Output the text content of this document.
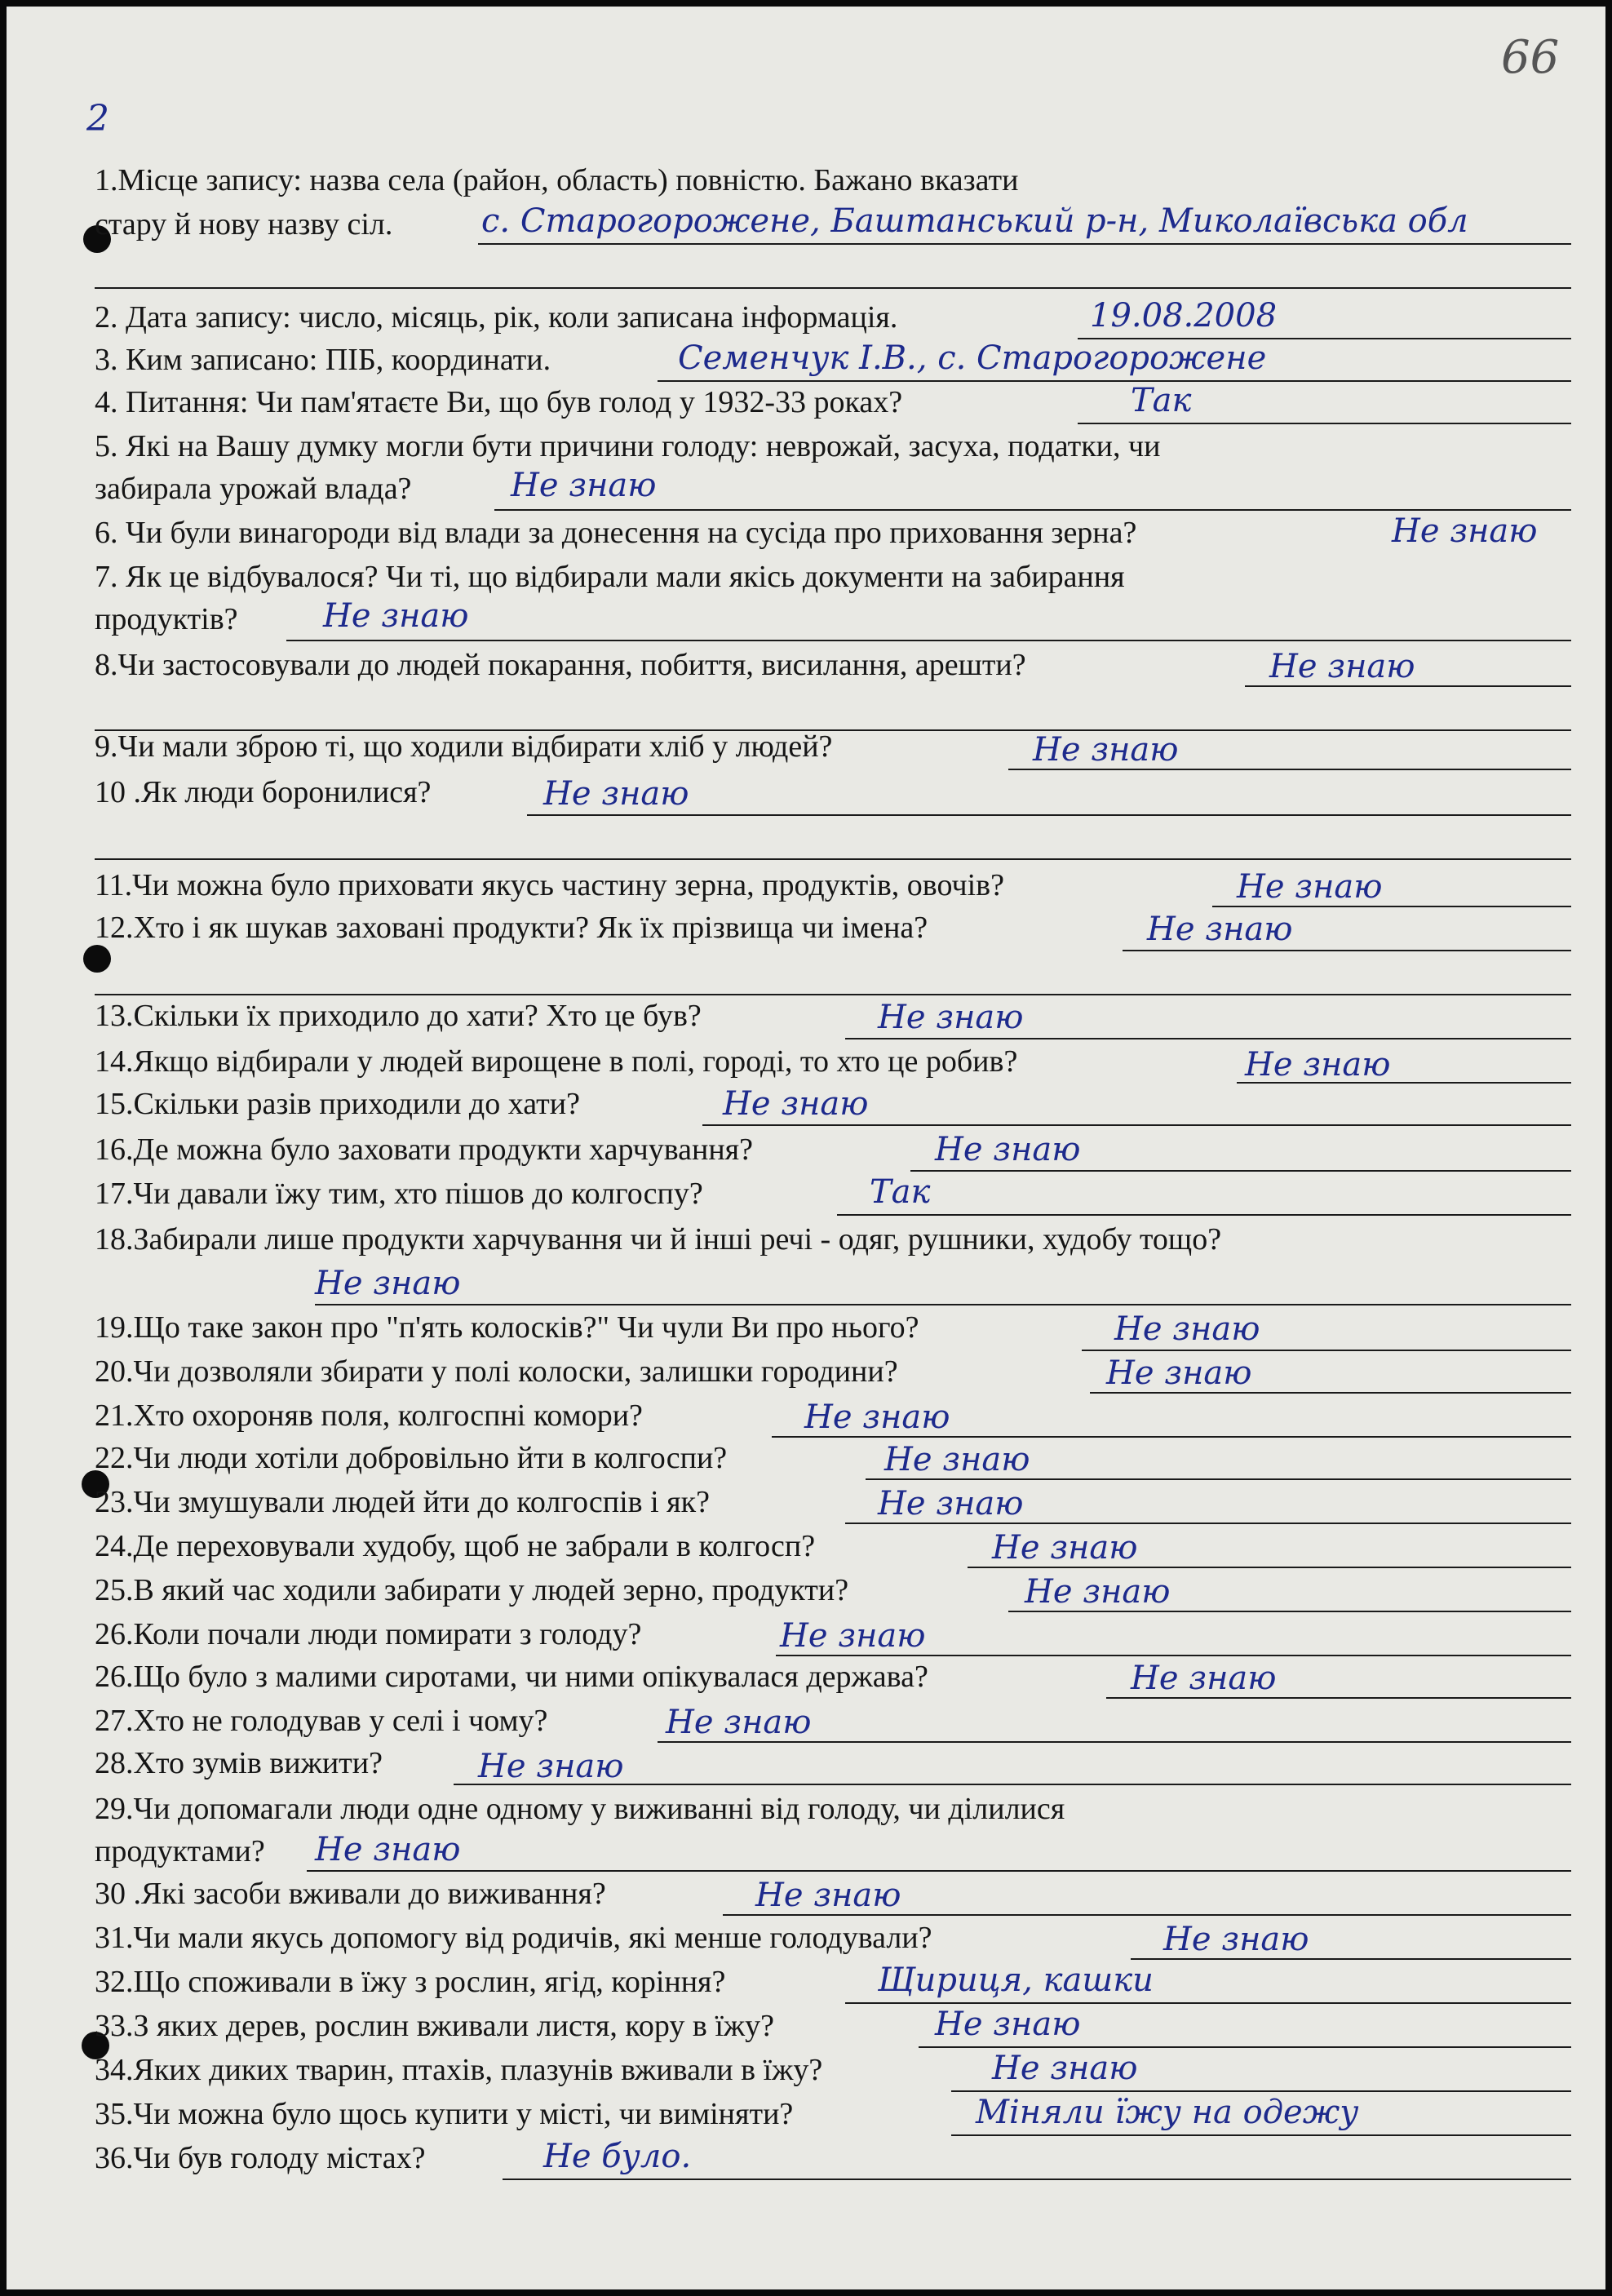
66
2
1.Місце запису: назва села (район, область) повністю. Бажано вказати
стару й нову назву сіл.	с. Старогорожене, Баштанський р-н, Миколаївська обл
2. Дата запису: число, місяць, рік, коли записана інформація.	19.08.2008
3. Ким записано: ПІБ, координати.	Семенчук І.В., с. Старогорожене
4. Питання: Чи пам'ятаєте Ви, що був голод у 1932-33 роках?	Так
5. Які на Вашу думку могли бути причини голоду: неврожай, засуха, податки, чи
забирала урожай влада?	Не знаю
6. Чи були винагороди від влади за донесення на сусіда про приховання зерна?	Не знаю
7. Як це відбувалося? Чи ті, що відбирали мали якісь документи на забирання
продуктів?	Не знаю
8.Чи застосовували до людей покарання, побиття, висилання, арешти?	Не знаю
9.Чи мали зброю ті, що ходили відбирати хліб у людей?	Не знаю
10 .Як люди боронилися?	Не знаю
11.Чи можна було приховати якусь частину зерна, продуктів, овочів?	Не знаю
12.Хто і як шукав заховані продукти? Як їх прізвища чи імена?	Не знаю
13.Скільки їх приходило до хати? Хто це був?	Не знаю
14.Якщо відбирали у людей вирощене в полі, городі, то хто це робив?	Не знаю
15.Скільки разів приходили до хати?	Не знаю
16.Де можна було заховати продукти харчування?	Не знаю
17.Чи давали їжу тим, хто пішов до колгоспу?	Так
18.Забирали лише продукти харчування чи й інші речі - одяг, рушники, худобу тощо?
Не знаю
19.Що таке закон про "п'ять колосків?" Чи чули Ви про нього?	Не знаю
20.Чи дозволяли збирати у полі колоски, залишки городини?	Не знаю
21.Хто охороняв поля, колгоспні комори?	Не знаю
22.Чи люди хотіли добровільно йти в колгоспи?	Не знаю
23.Чи змушували людей йти до колгоспів і як?	Не знаю
24.Де переховували худобу, щоб не забрали в колгосп?	Не знаю
25.В який час ходили забирати у людей зерно, продукти?	Не знаю
26.Коли почали люди помирати з голоду?	Не знаю
26.Що було з малими сиротами, чи ними опікувалася держава?	Не знаю
27.Хто не голодував у селі і чому?	Не знаю
28.Хто зумів вижити?	Не знаю
29.Чи допомагали люди одне одному у виживанні від голоду, чи ділилися
продуктами? Не знаю
30 .Які засоби вживали до виживання?	Не знаю
31.Чи мали якусь допомогу від родичів, які менше голодували?	Не знаю
32.Що споживали в їжу з рослин, ягід, коріння?	Щириця, кашки
33.З яких дерев, рослин вживали листя, кору в їжу?	Не знаю
34.Яких диких тварин, птахів, плазунів вживали в їжу?	Не знаю
35.Чи можна було щось купити у місті, чи виміняти?	Міняли їжу на одежу
36.Чи був голоду містах?	Не було.
